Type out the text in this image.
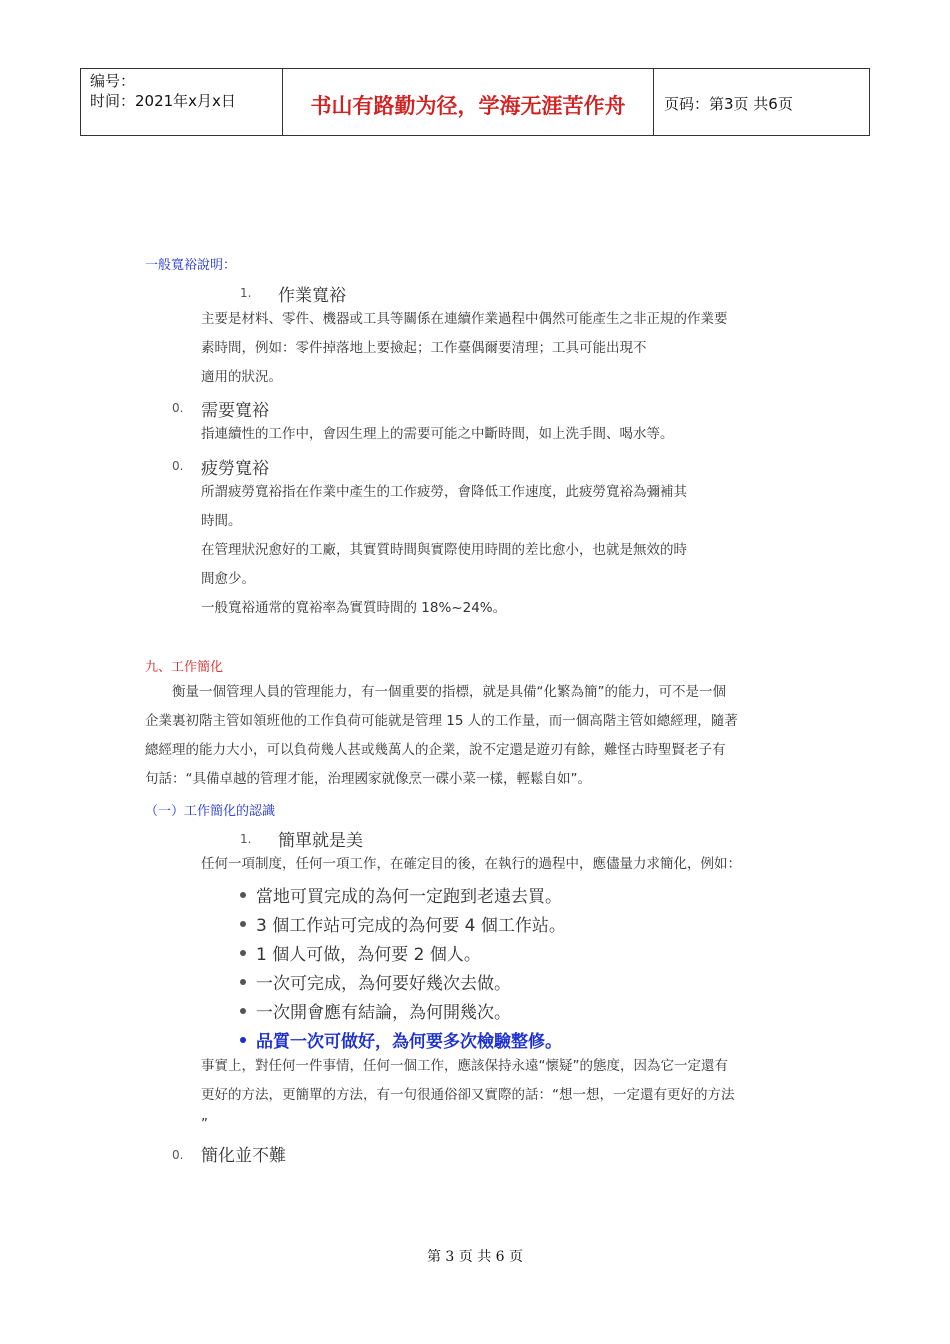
编号：
时间：2021年x月x日	书山有路勤为径，学海无涯苦作舟	页码：第3页 共6页
一般寬裕說明：
1. 作業寬裕
主要是材料、零件、機器或工具等關係在連續作業過程中偶然可能產生之非正規的作業要
素時間，例如：零件掉落地上要撿起；工作臺偶爾要清理；工具可能出現不
適用的狀況。
0. 需要寬裕
指連續性的工作中，會因生理上的需要可能之中斷時間，如上洗手間、喝水等。
0. 疲勞寬裕
所謂疲勞寬裕指在作業中產生的工作疲勞，會降低工作速度，此疲勞寬裕為彌補其
時間。
在管理狀況愈好的工廠，其實質時間與實際使用時間的差比愈小，也就是無效的時
間愈少。
一般寬裕通常的寬裕率為實質時間的 18%~24%。
九、工作簡化
　　衡量一個管理人員的管理能力，有一個重要的指標，就是具備“化繁為簡”的能力，可不是一個
企業裏初階主管如領班他的工作負荷可能就是管理 15 人的工作量，而一個高階主管如總經理，隨著
總經理的能力大小，可以負荷幾人甚或幾萬人的企業，說不定還是遊刃有餘，難怪古時聖賢老子有
句話：“具備卓越的管理才能，治理國家就像烹一碟小菜一樣，輕鬆自如”。
（一）工作簡化的認識
1. 簡單就是美
任何一項制度，任何一項工作，在確定目的後，在執行的過程中，應儘量力求簡化，例如：
當地可買完成的為何一定跑到老遠去買。
3 個工作站可完成的為何要 4 個工作站。
1 個人可做，為何要 2 個人。
一次可完成，為何要好幾次去做。
一次開會應有結論，為何開幾次。
品質一次可做好，為何要多次檢驗整修。
事實上，對任何一件事情，任何一個工作，應該保持永遠“懷疑”的態度，因為它一定還有
更好的方法，更簡單的方法，有一句很通俗卻又實際的話：“想一想，一定還有更好的方法
”
0. 簡化並不難
第 3 页 共 6 页
